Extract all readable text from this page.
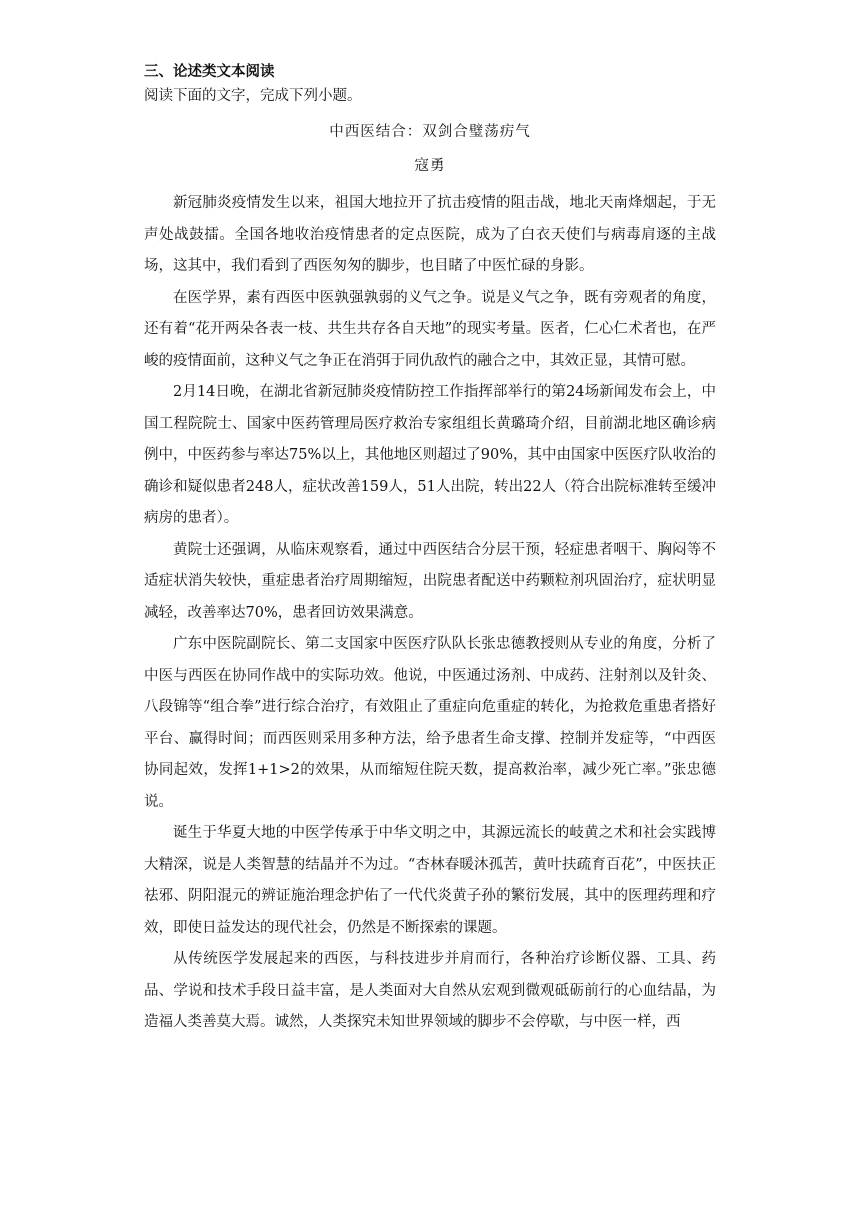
三、论述类文本阅读

阅读下面的文字，完成下列小题。

中西医结合：双剑合璧荡疠气

寇勇

新冠肺炎疫情发生以来，祖国大地拉开了抗击疫情的阻击战，地北天南烽烟起，于无声处战鼓擂。全国各地收治疫情患者的定点医院，成为了白衣天使们与病毒肩逐的主战场，这其中，我们看到了西医匆匆的脚步，也目睹了中医忙碌的身影。

在医学界，素有西医中医孰强孰弱的义气之争。说是义气之争，既有旁观者的角度，还有着“花开两朵各表一枝、共生共存各自天地”的现实考量。医者，仁心仁术者也，在严峻的疫情面前，这种义气之争正在消弭于同仇敌忾的融合之中，其效正显，其情可慰。

2月14日晚，在湖北省新冠肺炎疫情防控工作指挥部举行的第24场新闻发布会上，中国工程院院士、国家中医药管理局医疗救治专家组组长黄璐琦介绍，目前湖北地区确诊病例中，中医药参与率达75%以上，其他地区则超过了90%，其中由国家中医医疗队收治的确诊和疑似患者248人，症状改善159人，51人出院，转出22人（符合出院标准转至缓冲病房的患者）。

黄院士还强调，从临床观察看，通过中西医结合分层干预，轻症患者咽干、胸闷等不适症状消失较快，重症患者治疗周期缩短，出院患者配送中药颗粒剂巩固治疗，症状明显减轻，改善率达70%，患者回访效果满意。

广东中医院副院长、第二支国家中医医疗队队长张忠德教授则从专业的角度，分析了中医与西医在协同作战中的实际功效。他说，中医通过汤剂、中成药、注射剂以及针灸、八段锦等“组合拳”进行综合治疗，有效阻止了重症向危重症的转化，为抢救危重患者搭好平台、赢得时间；而西医则采用多种方法，给予患者生命支撑、控制并发症等，“中西医协同起效，发挥1+1>2的效果，从而缩短住院天数，提高救治率，减少死亡率。”张忠德说。

诞生于华夏大地的中医学传承于中华文明之中，其源远流长的岐黄之术和社会实践博大精深，说是人类智慧的结晶并不为过。“杏林春暖沐孤苦，黄叶扶疏育百花”，中医扶正祛邪、阴阳混元的辨证施治理念护佑了一代代炎黄子孙的繁衍发展，其中的医理药理和疗效，即使日益发达的现代社会，仍然是不断探索的课题。

从传统医学发展起来的西医，与科技进步并肩而行，各种治疗诊断仪器、工具、药品、学说和技术手段日益丰富，是人类面对大自然从宏观到微观砥砺前行的心血结晶，为造福人类善莫大焉。诚然，人类探究未知世界领域的脚步不会停歇，与中医一样，西
